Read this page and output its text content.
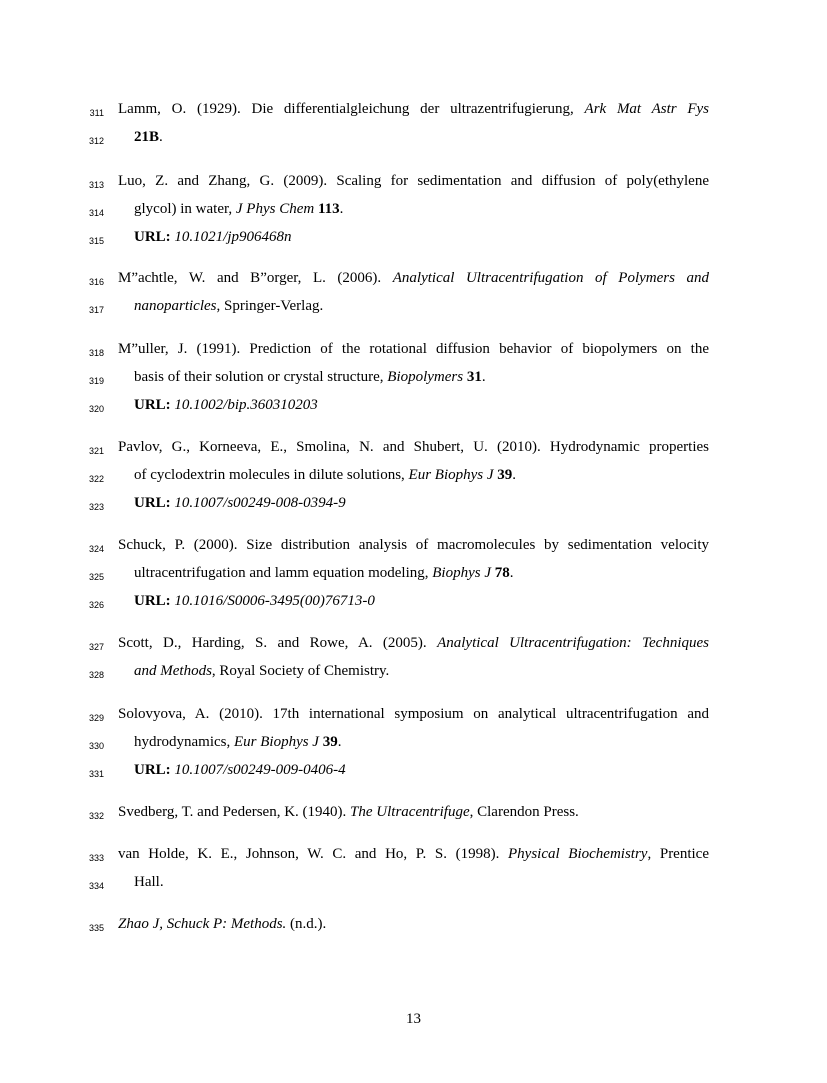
311 Lamm, O. (1929). Die differentialgleichung der ultrazentrifugierung, Ark Mat Astr Fys
312 21B.
313 Luo, Z. and Zhang, G. (2009). Scaling for sedimentation and diffusion of poly(ethylene
314 glycol) in water, J Phys Chem 113.
315 URL: 10.1021/jp906468n
316 M”achtle, W. and B”orger, L. (2006). Analytical Ultracentrifugation of Polymers and
317 nanoparticles, Springer-Verlag.
318 M”uller, J. (1991). Prediction of the rotational diffusion behavior of biopolymers on the
319 basis of their solution or crystal structure, Biopolymers 31.
320 URL: 10.1002/bip.360310203
321 Pavlov, G., Korneeva, E., Smolina, N. and Shubert, U. (2010). Hydrodynamic properties
322 of cyclodextrin molecules in dilute solutions, Eur Biophys J 39.
323 URL: 10.1007/s00249-008-0394-9
324 Schuck, P. (2000). Size distribution analysis of macromolecules by sedimentation velocity
325 ultracentrifugation and lamm equation modeling, Biophys J 78.
326 URL: 10.1016/S0006-3495(00)76713-0
327 Scott, D., Harding, S. and Rowe, A. (2005). Analytical Ultracentrifugation: Techniques
328 and Methods, Royal Society of Chemistry.
329 Solovyova, A. (2010). 17th international symposium on analytical ultracentrifugation and
330 hydrodynamics, Eur Biophys J 39.
331 URL: 10.1007/s00249-009-0406-4
332 Svedberg, T. and Pedersen, K. (1940). The Ultracentrifuge, Clarendon Press.
333 van Holde, K. E., Johnson, W. C. and Ho, P. S. (1998). Physical Biochemistry, Prentice
334 Hall.
335 Zhao J, Schuck P: Methods. (n.d.).
13
